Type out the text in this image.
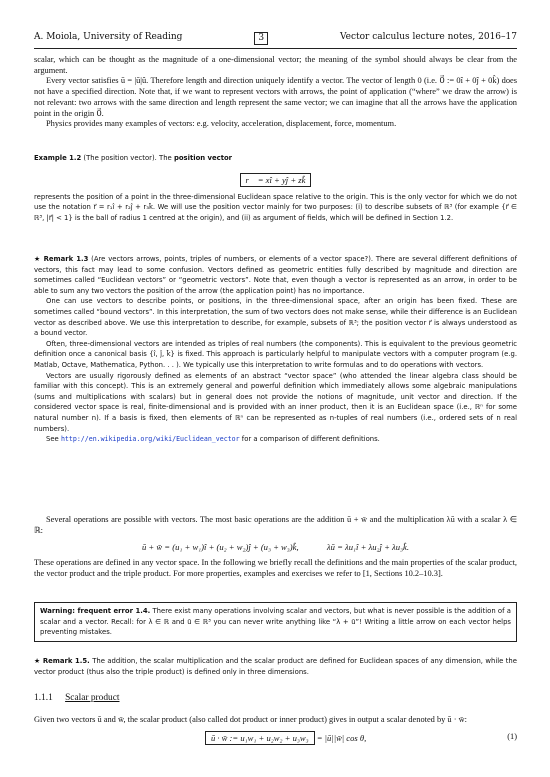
A. Moiola, University of Reading	3	Vector calculus lecture notes, 2016–17

scalar, which can be thought as the magnitude of a one-dimensional vector; the meaning of the symbol should always be clear from the argument.

Every vector satisfies ū = |ū|û. Therefore length and direction uniquely identify a vector. The vector of length 0 (i.e. 0⃗ := 0î + 0ĵ + 0k̂) does not have a specified direction. Note that, if we want to represent vectors with arrows, the point of application (“where” we draw the arrow) is not relevant: two arrows with the same direction and length represent the same vector; we can imagine that all the arrows have the application point in the origin 0⃗.

Physics provides many examples of vectors: e.g. velocity, acceleration, displacement, force, momentum.

Example 1.2 (The position vector). The position vector

r⃗ = xî + yĵ + zk̂

represents the position of a point in the three-dimensional Euclidean space relative to the origin. This is the only vector for which we do not use the notation r⃗ = r₁î + r₂ĵ + r₃k̂. We will use the position vector mainly for two purposes: (i) to describe subsets of ℝ³ (for example {r⃗ ∈ ℝ³, |r⃗| < 1} is the ball of radius 1 centred at the origin), and (ii) as argument of fields, which will be defined in Section 1.2.

★ Remark 1.3 (Are vectors arrows, points, triples of numbers, or elements of a vector space?). There are several different definitions of vectors, this fact may lead to some confusion. Vectors defined as geometric entities fully described by magnitude and direction are sometimes called “Euclidean vectors” or “geometric vectors”. Note that, even though a vector is represented as an arrow, in order to be able to sum any two vectors the position of the arrow (the application point) has no importance.

One can use vectors to describe points, or positions, in the three-dimensional space, after an origin has been fixed. These are sometimes called “bound vectors”. In this interpretation, the sum of two vectors does not make sense, while their difference is an Euclidean vector as described above. We use this interpretation to describe, for example, subsets of ℝ³; the position vector r⃗ is always understood as a bound vector.

Often, three-dimensional vectors are intended as triples of real numbers (the components). This is equivalent to the previous geometric definition once a canonical basis {î, ĵ, k̂} is fixed. This approach is particularly helpful to manipulate vectors with a computer program (e.g. Matlab, Octave, Mathematica, Python. . . ). We typically use this interpretation to write formulas and to do operations with vectors.

Vectors are usually rigorously defined as elements of an abstract “vector space” (who attended the linear algebra class should be familiar with this concept). This is an extremely general and powerful definition which immediately allows some algebraic manipulations (sums and multiplications with scalars) but in general does not provide the notions of magnitude, unit vector and direction. If the considered vector space is real, finite-dimensional and is provided with an inner product, then it is an Euclidean space (i.e., ℝⁿ for some natural number n). If a basis is fixed, then elements of ℝⁿ can be represented as n-tuples of real numbers (i.e., ordered sets of n real numbers).

See http://en.wikipedia.org/wiki/Euclidean_vector for a comparison of different definitions.

Several operations are possible with vectors. The most basic operations are the addition ū + w̄ and the multiplication λū with a scalar λ ∈ ℝ:

ū + w̄ = (u₁ + w₁)î + (u₂ + w₂)ĵ + (u₃ + w₃)k̂,	λū = λu₁î + λu₂ĵ + λu₃k̂.

These operations are defined in any vector space. In the following we briefly recall the definitions and the main properties of the scalar product, the vector product and the triple product. For more properties, examples and exercises we refer to [1, Sections 10.2–10.3].

Warning: frequent error 1.4. There exist many operations involving scalar and vectors, but what is never possible is the addition of a scalar and a vector. Recall: for λ ∈ ℝ and ū ∈ ℝ³ you can never write anything like “λ + ū”! Writing a little arrow on each vector helps preventing mistakes.

★ Remark 1.5. The addition, the scalar multiplication and the scalar product are defined for Euclidean spaces of any dimension, while the vector product (thus also the triple product) is defined only in three dimensions.

1.1.1 Scalar product

Given two vectors ū and w̄, the scalar product (also called dot product or inner product) gives in output a scalar denoted by ū · w̄:

ū · w̄ := u₁w₁ + u₂w₂ + u₃w₃ = |ū||w̄| cos θ,	(1)
